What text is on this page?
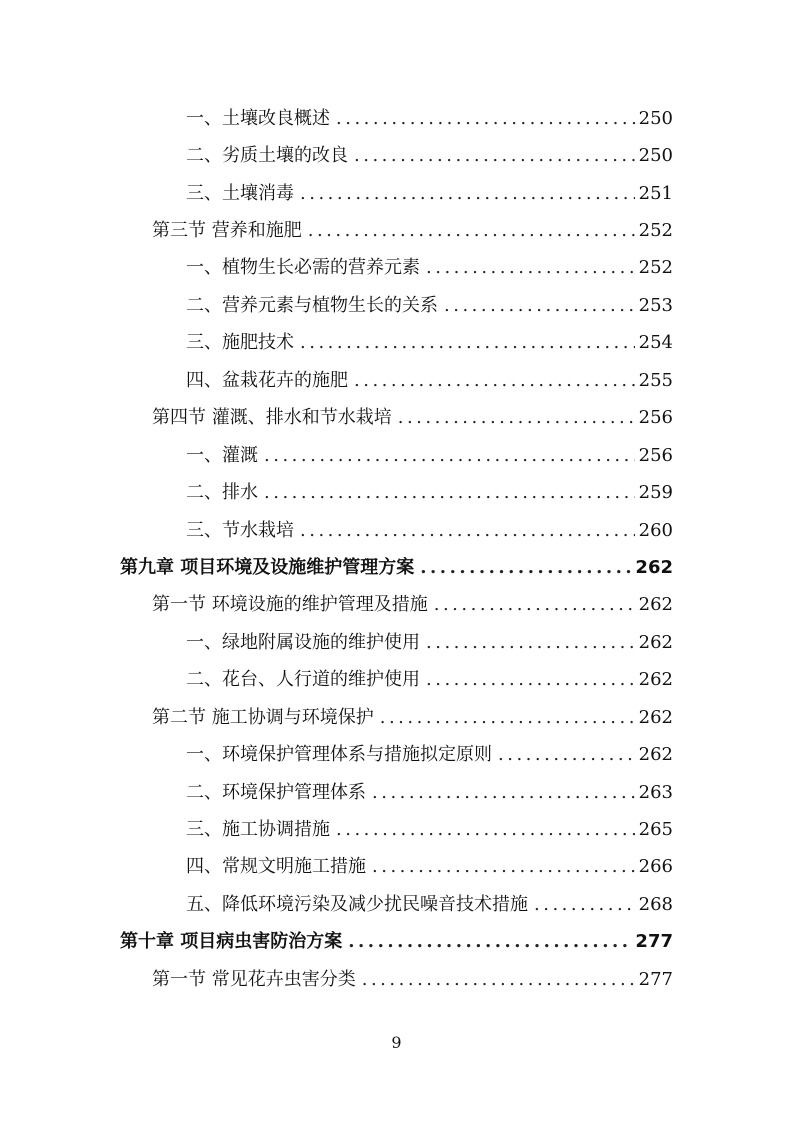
一、土壤改良概述 .....	250
二、劣质土壤的改良 .....	250
三、土壤消毒 .....	251
第三节 营养和施肥 .....	252
一、植物生长必需的营养元素 .....	252
二、营养元素与植物生长的关系 .....	253
三、施肥技术 .....	254
四、盆栽花卉的施肥 .....	255
第四节 灌溉、排水和节水栽培 .....	256
一、灌溉 .....	256
二、排水 .....	259
三、节水栽培 .....	260
第九章 项目环境及设施维护管理方案 .....	262
第一节 环境设施的维护管理及措施 .....	262
一、绿地附属设施的维护使用 .....	262
二、花台、人行道的维护使用 .....	262
第二节 施工协调与环境保护 .....	262
一、环境保护管理体系与措施拟定原则 .....	262
二、环境保护管理体系 .....	263
三、施工协调措施 .....	265
四、常规文明施工措施 .....	266
五、降低环境污染及减少扰民噪音技术措施 .....	268
第十章 项目病虫害防治方案 .....	277
第一节 常见花卉虫害分类 .....	277
9
